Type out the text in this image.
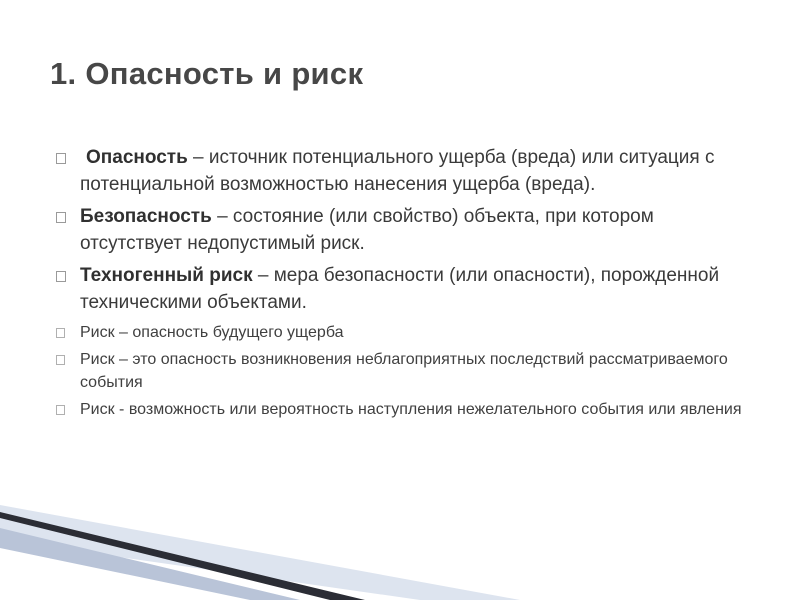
1. Опасность и риск
Опасность – источник потенциального ущерба (вреда) или ситуация с потенциальной возможностью нанесения ущерба (вреда).
Безопасность – состояние (или свойство) объекта, при котором отсутствует недопустимый риск.
Техногенный риск – мера безопасности (или опасности), порожденной техническими объектами.
Риск – опасность будущего ущерба
Риск – это опасность возникновения неблагоприятных последствий рассматриваемого события
Риск - возможность или вероятность наступления нежелательного события или явления
